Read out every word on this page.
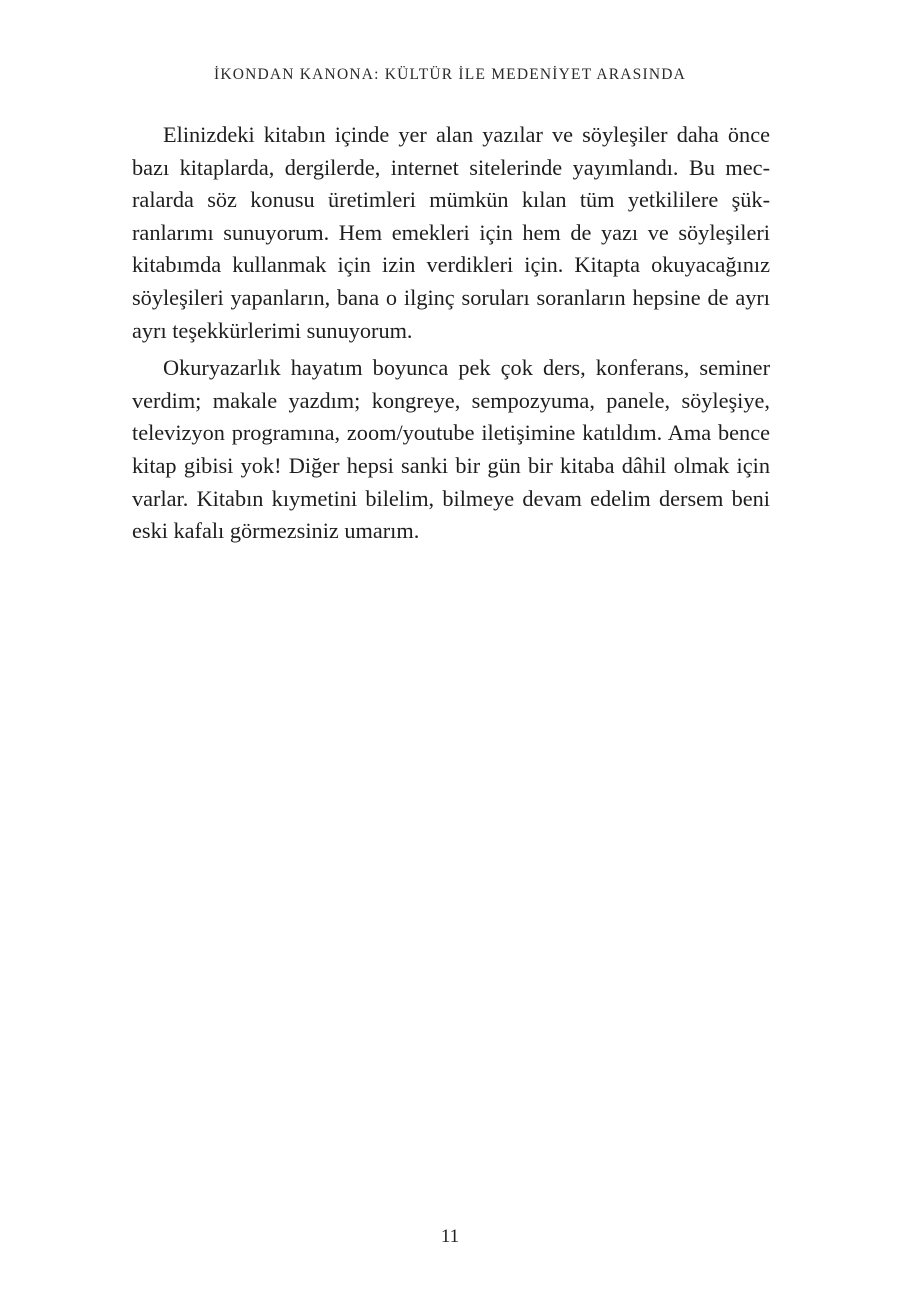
İKONDAN KANONA: KÜLTÜR İLE MEDENİYET ARASINDA

Elinizdeki kitabın içinde yer alan yazılar ve söyleşiler daha önce bazı kitaplarda, dergilerde, internet sitelerinde yayımlandı. Bu mecralarda söz konusu üretimleri mümkün kılan tüm yetkililere şükranlarımı sunuyorum. Hem emekleri için hem de yazı ve söyleşileri kitabımda kullanmak için izin verdikleri için. Kitapta okuyacağınız söyleşileri yapanların, bana o ilginç soruları soranların hepsine de ayrı ayrı teşekkürlerimi sunuyorum.

Okuryazarlık hayatım boyunca pek çok ders, konferans, seminer verdim; makale yazdım; kongreye, sempozyuma, panele, söyleşiye, televizyon programına, zoom/youtube iletişimine katıldım. Ama bence kitap gibisi yok! Diğer hepsi sanki bir gün bir kitaba dâhil olmak için varlar. Kitabın kıymetini bilelim, bilmeye devam edelim dersem beni eski kafalı görmezsiniz umarım.

11
